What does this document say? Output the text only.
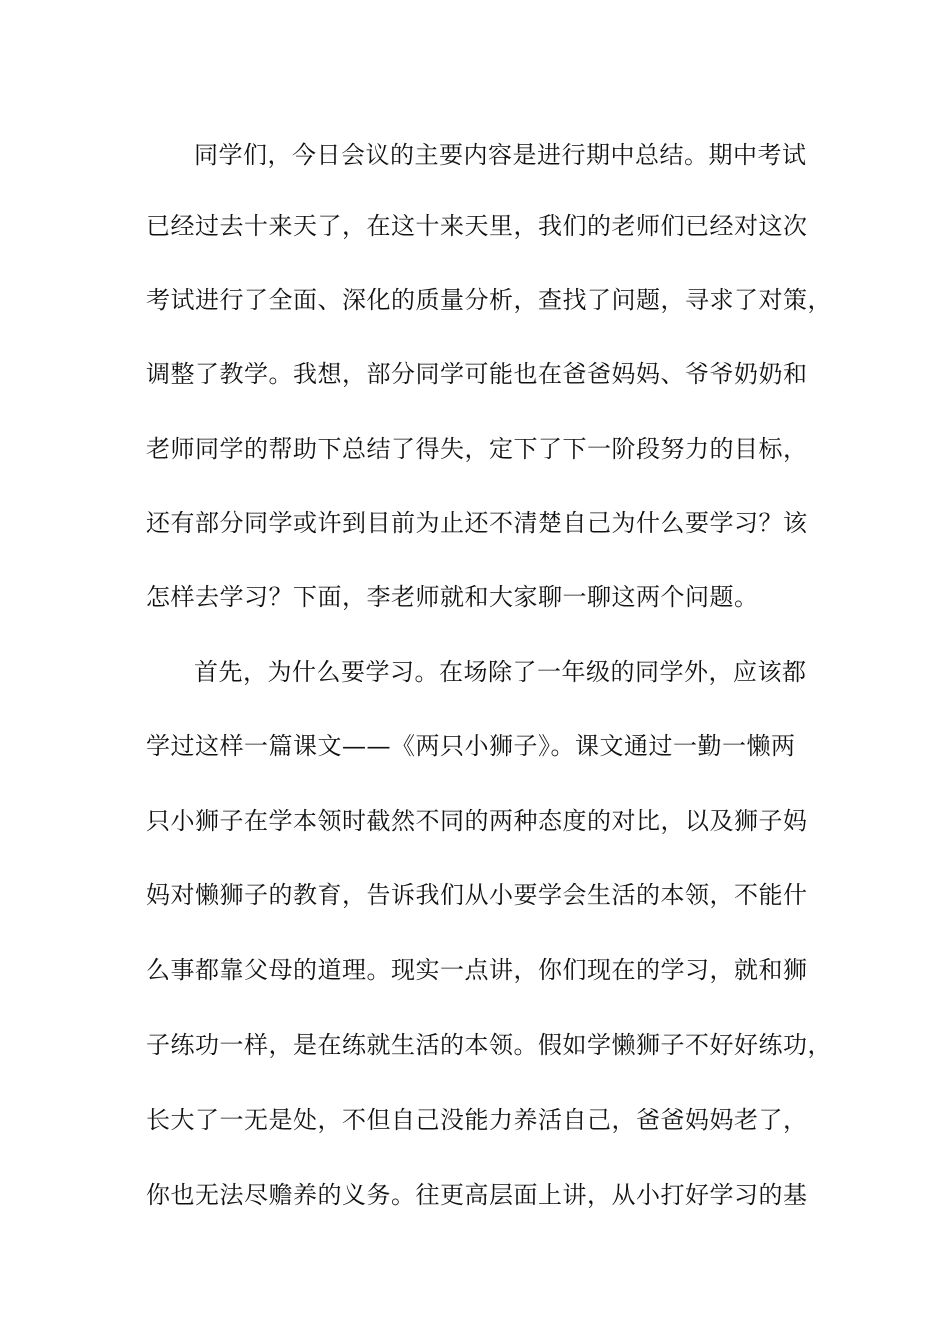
同学们，今日会议的主要内容是进行期中总结。期中考试
已经过去十来天了，在这十来天里，我们的老师们已经对这次
考试进行了全面、深化的质量分析，查找了问题，寻求了对策，
调整了教学。我想，部分同学可能也在爸爸妈妈、爷爷奶奶和
老师同学的帮助下总结了得失，定下了下一阶段努力的目标，
还有部分同学或许到目前为止还不清楚自己为什么要学习？该
怎样去学习？下面，李老师就和大家聊一聊这两个问题。
首先，为什么要学习。在场除了一年级的同学外，应该都
学过这样一篇课文——《两只小狮子》。课文通过一勤一懒两
只小狮子在学本领时截然不同的两种态度的对比，以及狮子妈
妈对懒狮子的教育，告诉我们从小要学会生活的本领，不能什
么事都靠父母的道理。现实一点讲，你们现在的学习，就和狮
子练功一样，是在练就生活的本领。假如学懒狮子不好好练功，
长大了一无是处，不但自己没能力养活自己，爸爸妈妈老了，
你也无法尽赡养的义务。往更高层面上讲，从小打好学习的基
